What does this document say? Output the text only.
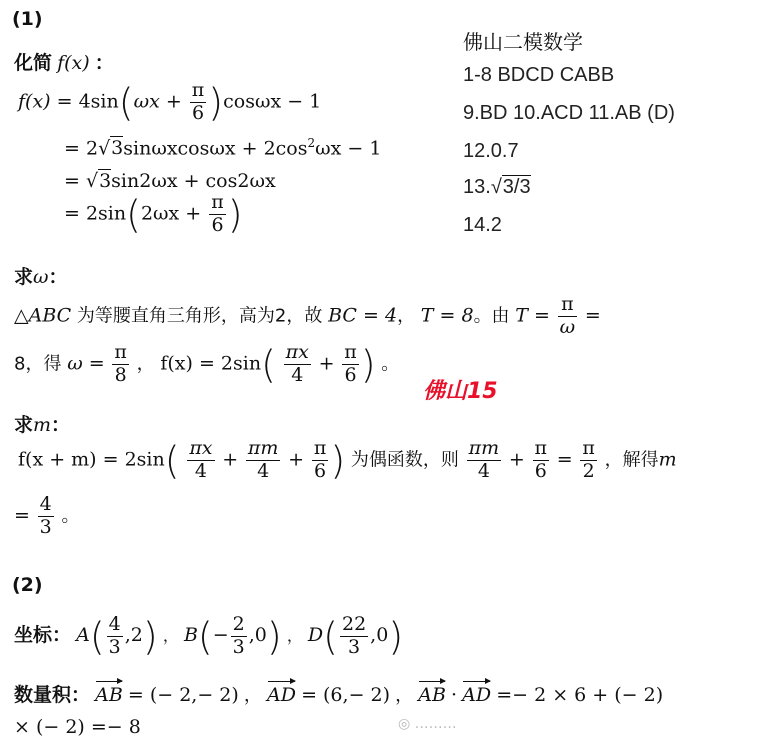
(1)
化简 f(x) ：
$f(x) = 4\sin(\omega x + \frac{\pi}{6} )\cos\omega x - 1$
= $2√3\sin\omega xcos\omega x + 2\cos^2\omega x - 1$
= √3sin2ωx + cos2ωx
= $2\sin(2\omega x + \frac{\pi}{6}$ )
佛山二模数学
1-8 BDCD CABB
9.BD 10.ACD 11.AB (D)
12.0.7
13.√3/3
14.2
求ω：
△ABC 为等腰直角三角形，高为2，故 BC = 4， T = 8。由 $T = \frac{\pi}{\omega}$ =
8，得 $\omega = \frac{\pi}{8}$ ， $f(x) = 2\sin( \frac{\pi x}{4} + \frac{\pi}{6}$ ) 。
佛山15
求m：
$f(x + m) = 2\sin( \frac{\pi x}{4} + \frac{\pi m}{4} + \frac{\pi}{6}$ ) 为偶函数，则 $\frac{\pi m}{4} + \frac{\pi}{6} = \frac{\pi}{2}$ ，解得m
= $\frac{4}{3}$ 。
(2)
坐标： $A( \frac{4}{3} ,2)$ ， $B(- \frac{2}{3} ,0)$ ， $D( \frac{22}{3} ,0)$
数量积： AB = (− 2,− 2) ， AD = (6,− 2) ， AB · AD =− 2 × 6 + (− 2)
× (− 2) =− 8	◎ ………
